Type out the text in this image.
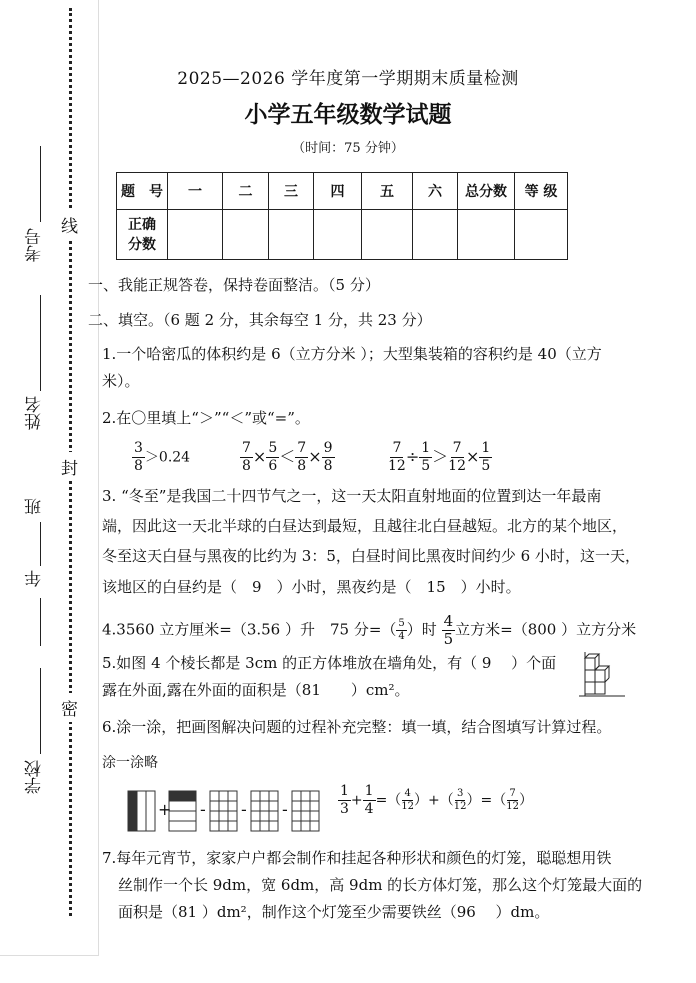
考号
姓名
班
年
学校
线
封
密
2025—2026 学年度第一学期期末质量检测
小学五年级数学试题
（时间：75 分钟）
题　号	一	二	三	四	五	六	总分数	等 级
正确分数								
一、我能正规答卷，保持卷面整洁。（5 分）
二、填空。（6 题 2 分，其余每空 1 分，共 23 分）
1.一个哈密瓜的体积约是 6（立方分米 ）；大型集装箱的容积约是 40（立方
米）。
2.在〇里填上“＞”“＜”或“=”。
$\frac{3}{8} >0.24$	$\frac{7}{8} \times \frac{5}{6} < \frac{7}{8} \times \frac{9}{8}$	$\frac{7}{12} \div \frac{1}{5} > \frac{7}{12} \times \frac{1}{5}$
3. “冬至”是我国二十四节气之一，这一天太阳直射地面的位置到达一年最南
端，因此这一天北半球的白昼达到最短，且越往北白昼越短。北方的某个地区，
冬至这天白昼与黑夜的比约为 3：5，白昼时间比黑夜时间约少 6 小时，这一天，
该地区的白昼约是（　9　）小时，黑夜约是（　15　）小时。
4.3560 立方厘米=（3.56 ）升　75 分=（ $\frac{5}{4}$ ）时 $\frac{4}{5}$ 立方米=（800 ）立方分米
5.如图 4 个棱长都是 3cm 的正方体堆放在墙角处，有（ 9　 ）个面
露在外面,露在外面的面积是（81　　）cm²。
6.涂一涂，把画图解决问题的过程补充完整：填一填，结合图填写计算过程。
涂一涂略
+ - - -	$\frac{1}{3} + \frac{1}{4}$ =（ $\frac{4}{12}$ ）+（ $\frac{3}{12}$ ）=（ $\frac{7}{12}$ ）
7.每年元宵节，家家户户都会制作和挂起各种形状和颜色的灯笼，聪聪想用铁
丝制作一个长 9dm，宽 6dm，高 9dm 的长方体灯笼，那么这个灯笼最大面的
面积是（81 ）dm²，制作这个灯笼至少需要铁丝（96　 ）dm。
